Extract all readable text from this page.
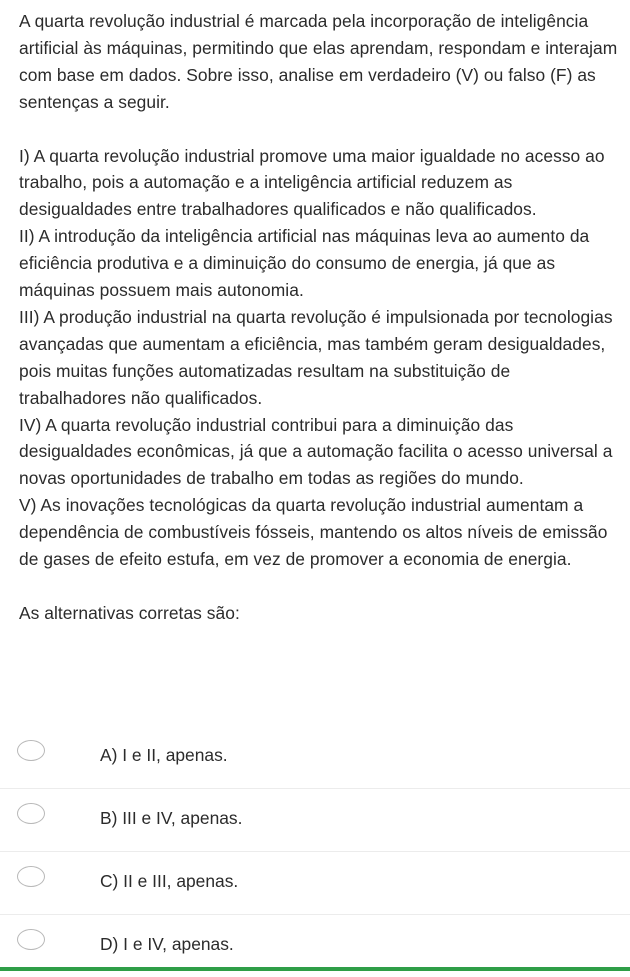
A quarta revolução industrial é marcada pela incorporação de inteligência artificial às máquinas, permitindo que elas aprendam, respondam e interajam com base em dados. Sobre isso, analise em verdadeiro (V) ou falso (F) as sentenças a seguir.

I) A quarta revolução industrial promove uma maior igualdade no acesso ao trabalho, pois a automação e a inteligência artificial reduzem as desigualdades entre trabalhadores qualificados e não qualificados.

II) A introdução da inteligência artificial nas máquinas leva ao aumento da eficiência produtiva e a diminuição do consumo de energia, já que as máquinas possuem mais autonomia.

III) A produção industrial na quarta revolução é impulsionada por tecnologias avançadas que aumentam a eficiência, mas também geram desigualdades, pois muitas funções automatizadas resultam na substituição de trabalhadores não qualificados.

IV) A quarta revolução industrial contribui para a diminuição das desigualdades econômicas, já que a automação facilita o acesso universal a novas oportunidades de trabalho em todas as regiões do mundo.

V) As inovações tecnológicas da quarta revolução industrial aumentam a dependência de combustíveis fósseis, mantendo os altos níveis de emissão de gases de efeito estufa, em vez de promover a economia de energia.

As alternativas corretas são:

A) I e II, apenas.
B) III e IV, apenas.
C) II e III, apenas.
D) I e IV, apenas.
